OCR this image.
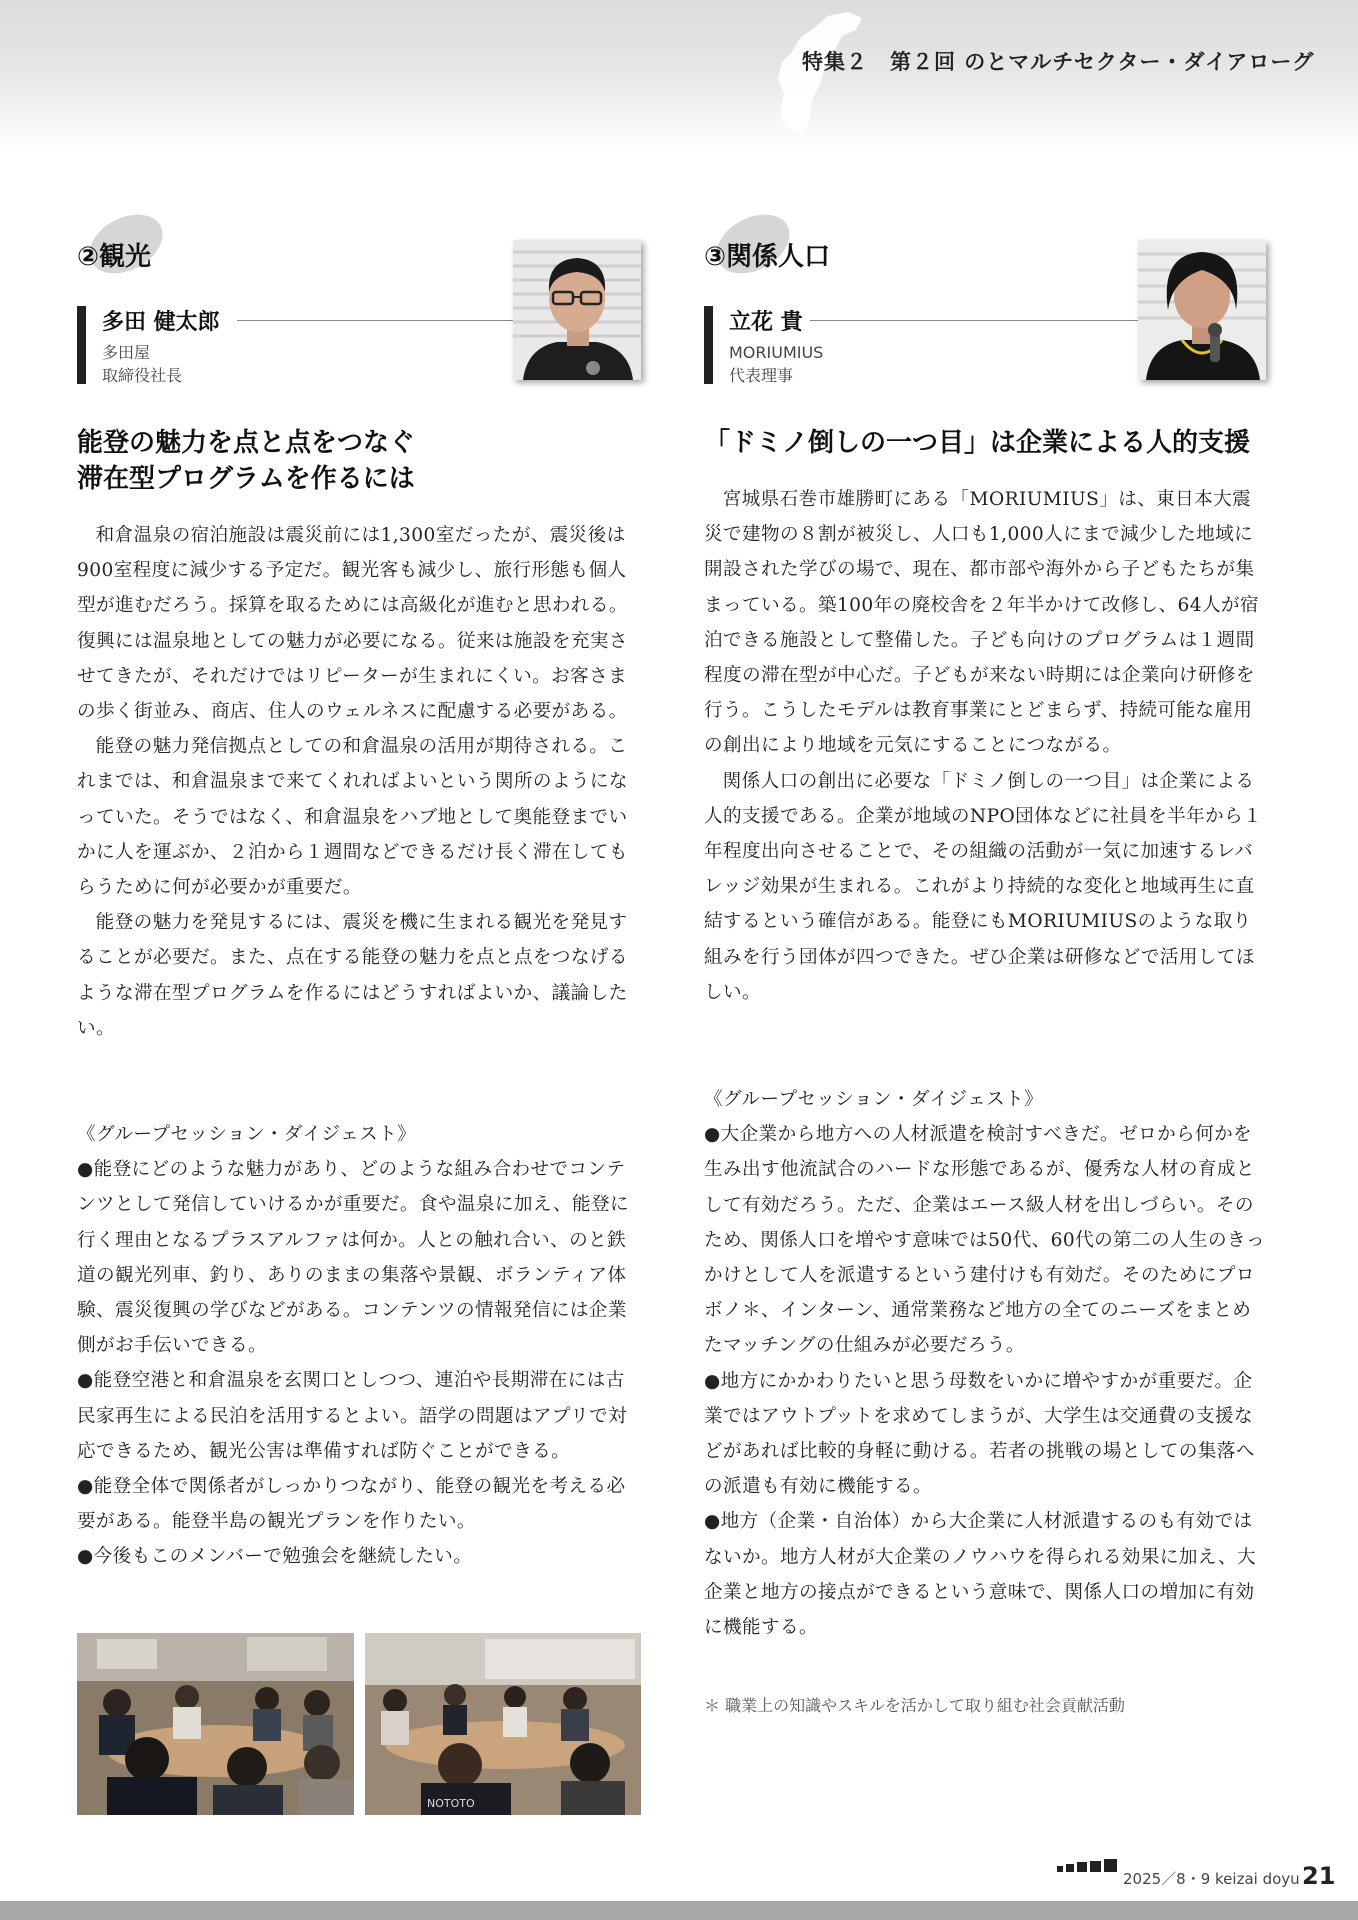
特集２　第２回 のとマルチセクター・ダイアローグ
②観光
多田 健太郎
多田屋
取締役社長
能登の魅力を点と点をつなぐ
滞在型プログラムを作るには

和倉温泉の宿泊施設は震災前には1,300室だったが、震災後は900室程度に減少する予定だ。観光客も減少し、旅行形態も個人型が進むだろう。採算を取るためには高級化が進むと思われる。復興には温泉地としての魅力が必要になる。従来は施設を充実させてきたが、それだけではリピーターが生まれにくい。お客さまの歩く街並み、商店、住人のウェルネスに配慮する必要がある。

能登の魅力発信拠点としての和倉温泉の活用が期待される。これまでは、和倉温泉まで来てくれればよいという関所のようになっていた。そうではなく、和倉温泉をハブ地として奥能登までいかに人を運ぶか、２泊から１週間などできるだけ長く滞在してもらうために何が必要かが重要だ。

能登の魅力を発見するには、震災を機に生まれる観光を発見することが必要だ。また、点在する能登の魅力を点と点をつなげるような滞在型プログラムを作るにはどうすればよいか、議論したい。

《グループセッション・ダイジェスト》
●能登にどのような魅力があり、どのような組み合わせでコンテンツとして発信していけるかが重要だ。食や温泉に加え、能登に行く理由となるプラスアルファは何か。人との触れ合い、のと鉄道の観光列車、釣り、ありのままの集落や景観、ボランティア体験、震災復興の学びなどがある。コンテンツの情報発信には企業側がお手伝いできる。
●能登空港と和倉温泉を玄関口としつつ、連泊や長期滞在には古民家再生による民泊を活用するとよい。語学の問題はアプリで対応できるため、観光公害は準備すれば防ぐことができる。
●能登全体で関係者がしっかりつながり、能登の観光を考える必要がある。能登半島の観光プランを作りたい。
●今後もこのメンバーで勉強会を継続したい。
NOTOTO
③関係人口
立花 貴
MORIUMIUS
代表理事
「ドミノ倒しの一つ目」は企業による人的支援

宮城県石巻市雄勝町にある「MORIUMIUS」は、東日本大震災で建物の８割が被災し、人口も1,000人にまで減少した地域に開設された学びの場で、現在、都市部や海外から子どもたちが集まっている。築100年の廃校舎を２年半かけて改修し、64人が宿泊できる施設として整備した。子ども向けのプログラムは１週間程度の滞在型が中心だ。子どもが来ない時期には企業向け研修を行う。こうしたモデルは教育事業にとどまらず、持続可能な雇用の創出により地域を元気にすることにつながる。

関係人口の創出に必要な「ドミノ倒しの一つ目」は企業による人的支援である。企業が地域のNPO団体などに社員を半年から１年程度出向させることで、その組織の活動が一気に加速するレバレッジ効果が生まれる。これがより持続的な変化と地域再生に直結するという確信がある。能登にもMORIUMIUSのような取り組みを行う団体が四つできた。ぜひ企業は研修などで活用してほしい。

《グループセッション・ダイジェスト》
●大企業から地方への人材派遣を検討すべきだ。ゼロから何かを生み出す他流試合のハードな形態であるが、優秀な人材の育成として有効だろう。ただ、企業はエース級人材を出しづらい。そのため、関係人口を増やす意味では50代、60代の第二の人生のきっかけとして人を派遣するという建付けも有効だ。そのためにプロボノ＊、インターン、通常業務など地方の全てのニーズをまとめたマッチングの仕組みが必要だろう。
●地方にかかわりたいと思う母数をいかに増やすかが重要だ。企業ではアウトプットを求めてしまうが、大学生は交通費の支援などがあれば比較的身軽に動ける。若者の挑戦の場としての集落への派遣も有効に機能する。
●地方（企業・自治体）から大企業に人材派遣するのも有効ではないか。地方人材が大企業のノウハウを得られる効果に加え、大企業と地方の接点ができるという意味で、関係人口の増加に有効に機能する。
＊ 職業上の知識やスキルを活かして取り組む社会貢献活動
2025／8・9 keizai doyu 21
